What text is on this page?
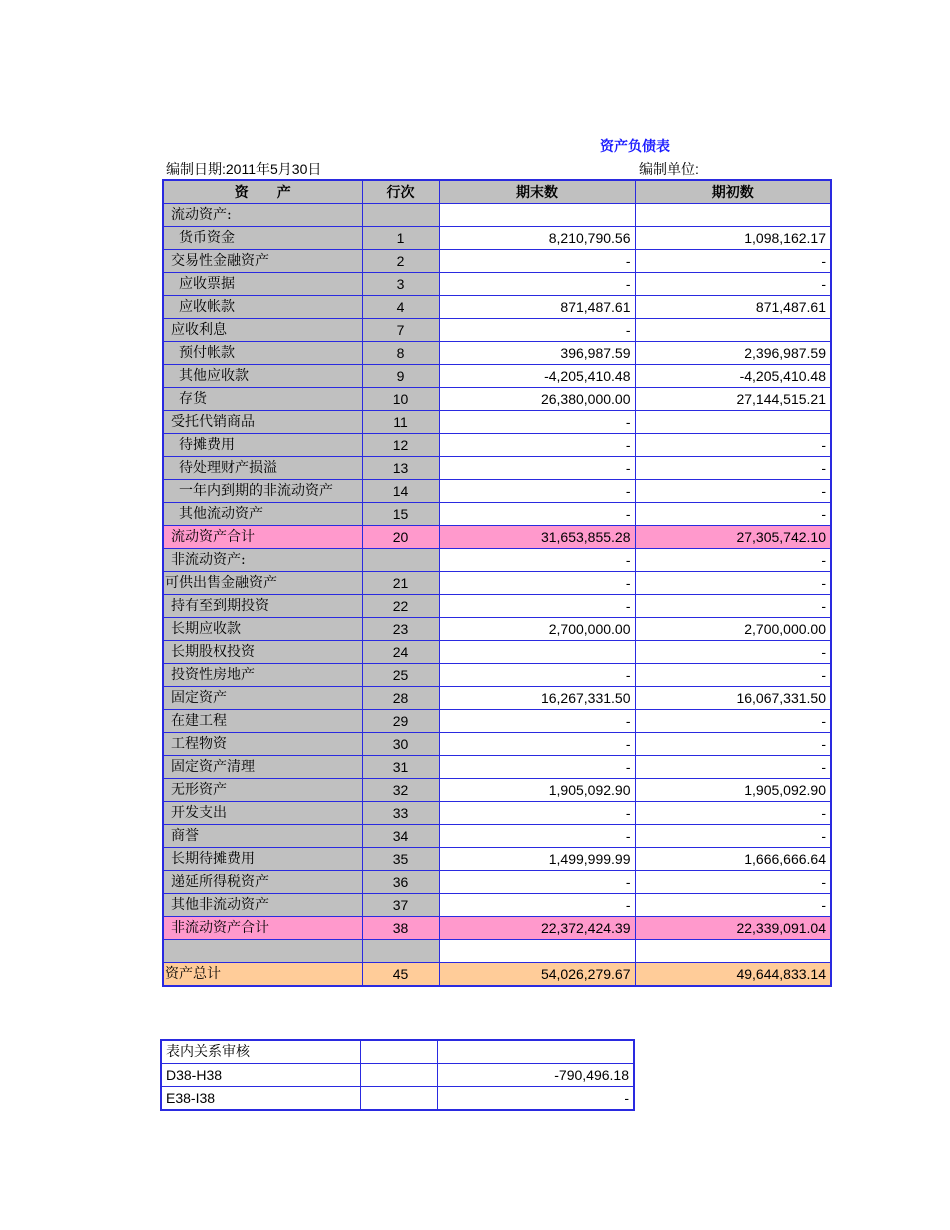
资产负债表
编制日期:2011年5月30日	编制单位:
资　　产	行次	期末数	期初数
流动资产:			
货币资金	1	8,210,790.56	1,098,162.17
交易性金融资产	2	-	-
应收票据	3	-	-
应收帐款	4	871,487.61	871,487.61
应收利息	7	-	
预付帐款	8	396,987.59	2,396,987.59
其他应收款	9	-4,205,410.48	-4,205,410.48
存货	10	26,380,000.00	27,144,515.21
受托代销商品	11	-	
待摊费用	12	-	-
待处理财产损溢	13	-	-
一年内到期的非流动资产	14	-	-
其他流动资产	15	-	-
流动资产合计	20	31,653,855.28	27,305,742.10
非流动资产:		-	-
可供出售金融资产	21	-	-
持有至到期投资	22	-	-
长期应收款	23	2,700,000.00	2,700,000.00
长期股权投资	24		-
投资性房地产	25	-	-
固定资产	28	16,267,331.50	16,067,331.50
在建工程	29	-	-
工程物资	30	-	-
固定资产清理	31	-	-
无形资产	32	1,905,092.90	1,905,092.90
开发支出	33	-	-
商誉	34	-	-
长期待摊费用	35	1,499,999.99	1,666,666.64
递延所得税资产	36	-	-
其他非流动资产	37	-	-
非流动资产合计	38	22,372,424.39	22,339,091.04

资产总计	45	54,026,279.67	49,644,833.14
表内关系审核		
D38-H38		-790,496.18
E38-I38		-
